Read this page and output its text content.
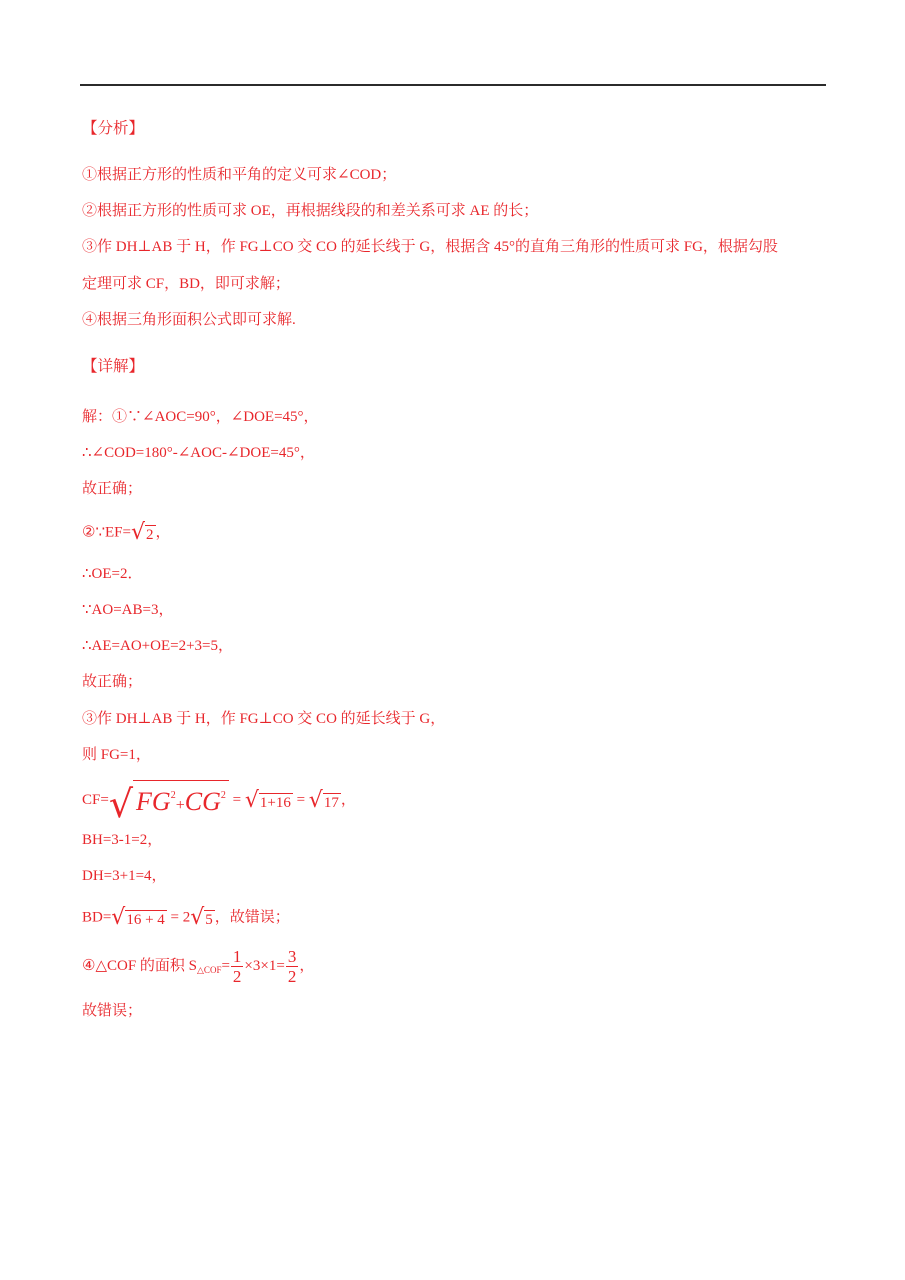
【分析】
①根据正方形的性质和平角的定义可求∠COD；
②根据正方形的性质可求 OE，再根据线段的和差关系可求 AE 的长；
③作 DH⊥AB 于 H，作 FG⊥CO 交 CO 的延长线于 G，根据含 45°的直角三角形的性质可求 FG，根据勾股
定理可求 CF，BD，即可求解；
④根据三角形面积公式即可求解.
【详解】
解：①∵∠AOC=90°，∠DOE=45°，
∴∠COD=180°-∠AOC-∠DOE=45°，
故正确；
②∵EF= √ 2 ，
∴OE=2．
∵AO=AB=3，
∴AE=AO+OE=2+3=5，
故正确；
③作 DH⊥AB 于 H，作 FG⊥CO 交 CO 的延长线于 G，
则 FG=1，
CF= √ $FG^2+CG^2$ = √ 1+16 = √ 17 ，
BH=3-1=2，
DH=3+1=4，
BD= √ 16 + 4 = 2 √ 5 ，故错误；
④△COF 的面积 $S_{\triangle COF}= \frac{1}{2} \times 3\times 1= \frac{3}{2}$ ，
故错误；
